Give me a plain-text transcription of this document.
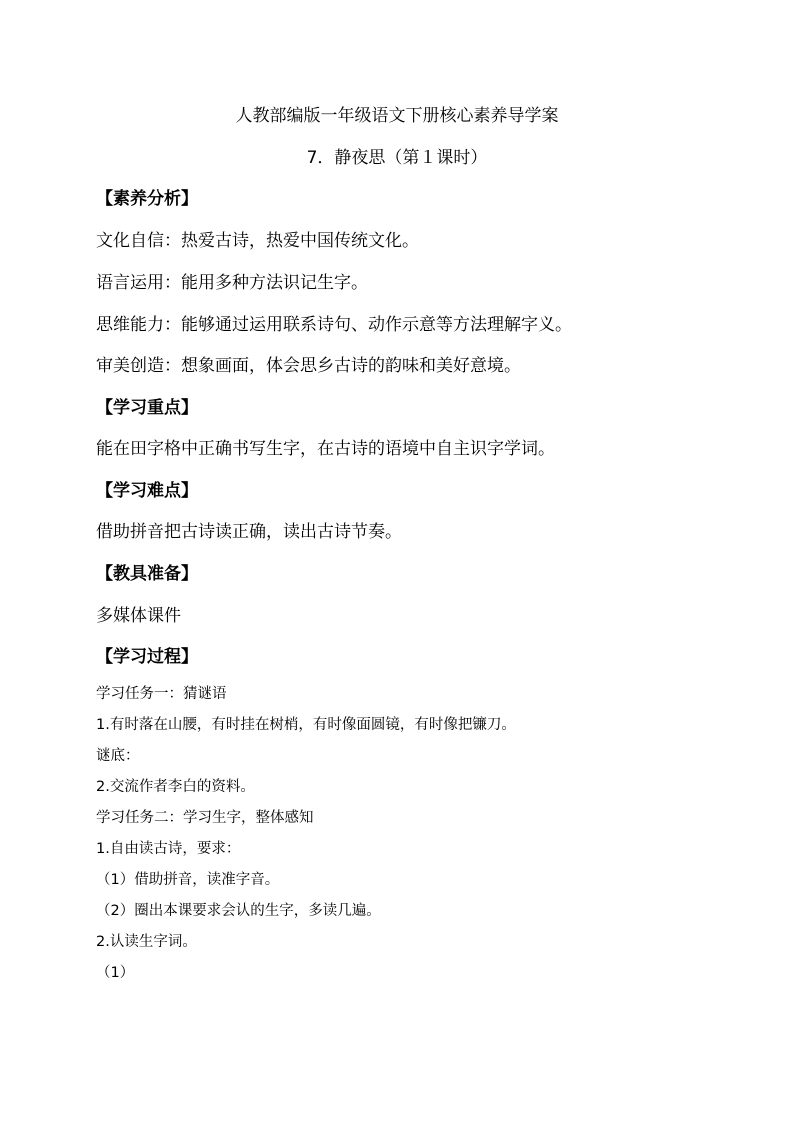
人教部编版一年级语文下册核心素养导学案
7．静夜思（第１课时）
【素养分析】
文化自信：热爱古诗，热爱中国传统文化。
语言运用：能用多种方法识记生字。
思维能力：能够通过运用联系诗句、动作示意等方法理解字义。
审美创造：想象画面，体会思乡古诗的韵味和美好意境。
【学习重点】
能在田字格中正确书写生字，在古诗的语境中自主识字学词。
【学习难点】
借助拼音把古诗读正确，读出古诗节奏。
【教具准备】
多媒体课件
【学习过程】
学习任务一：猜谜语
1.有时落在山腰，有时挂在树梢，有时像面圆镜，有时像把镰刀。
谜底：
2.交流作者李白的资料。
学习任务二：学习生字，整体感知
1.自由读古诗，要求：
（1）借助拼音，读准字音。
（2）圈出本课要求会认的生字，多读几遍。
2.认读生字词。
（1）
